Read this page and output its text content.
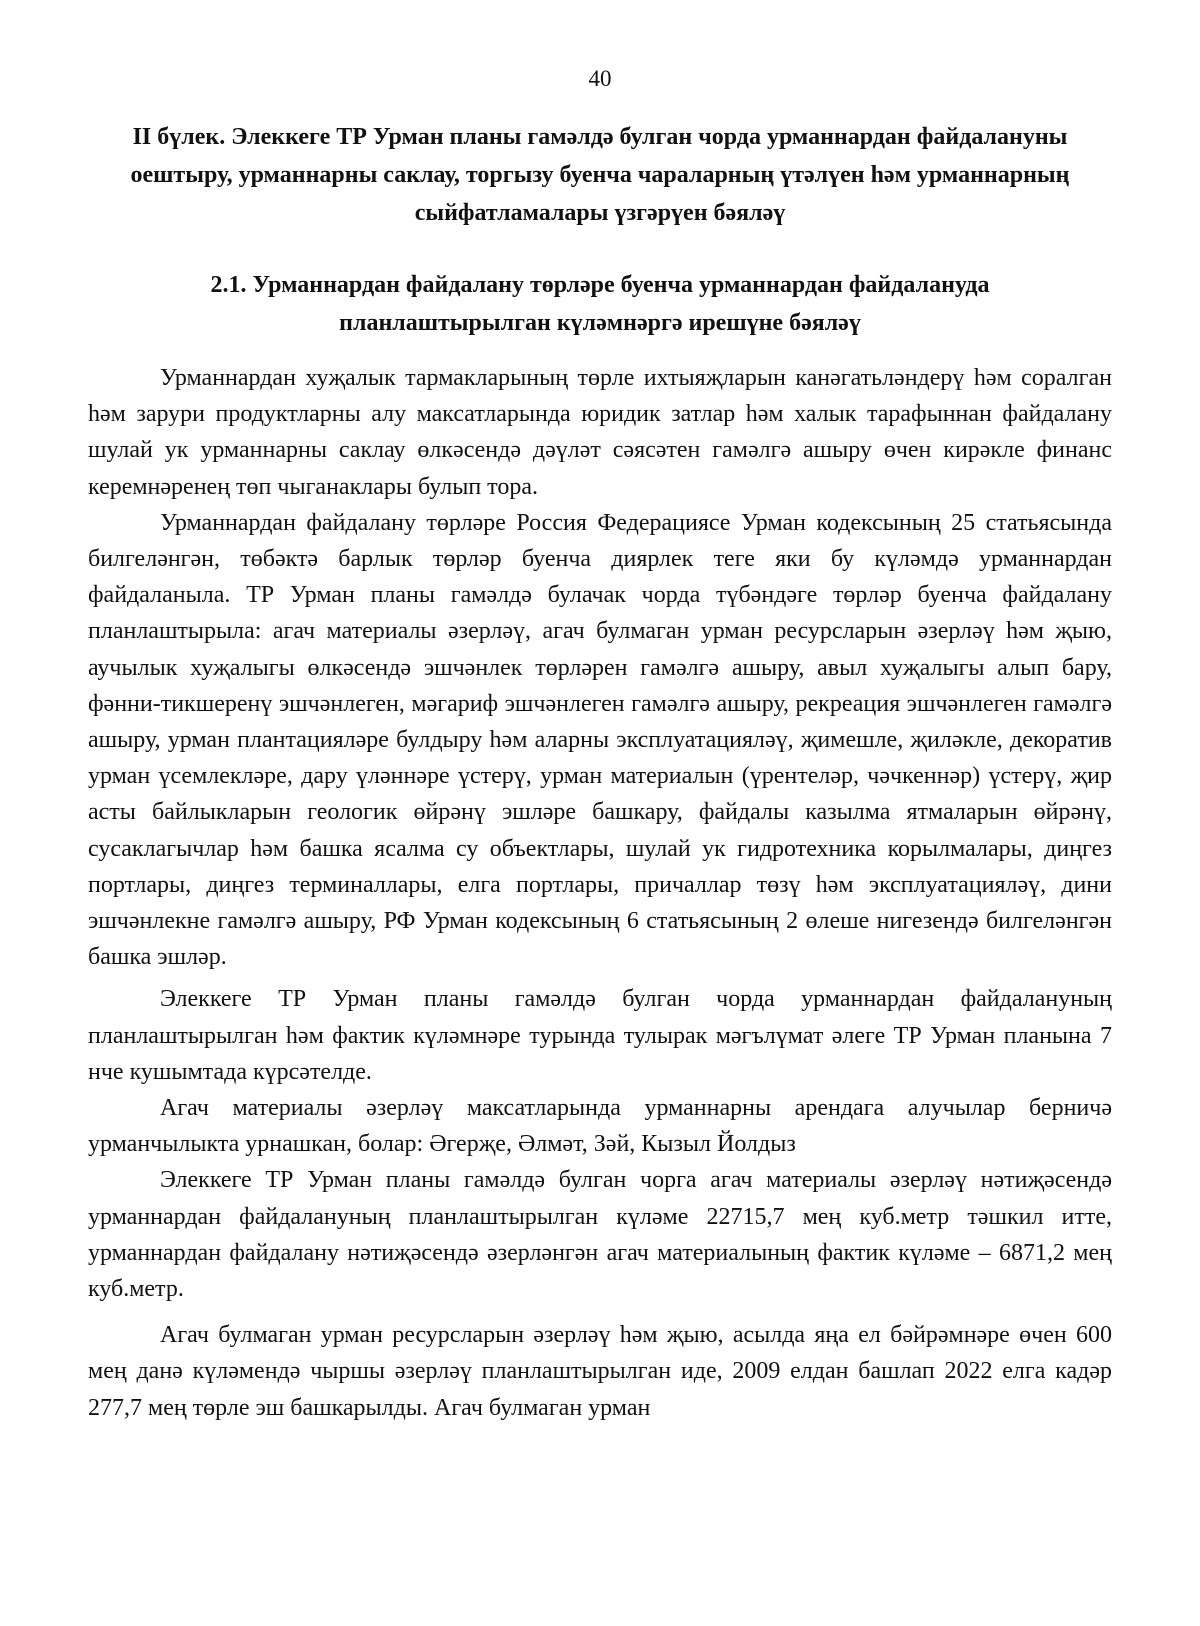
40
II бүлек. Элеккеге ТР Урман планы гамәлдә булган чорда урманнардан файдалануны оештыру, урманнарны саклау, торгызу буенча чараларның үтәлүен һәм урманнарның сыйфатламалары үзгәрүен бәяләү
2.1. Урманнардан файдалану төрләре буенча урманнардан файдалануда планлаштырылган күләмнәргә ирешүне бәяләү

Урманнардан хуҗалык тармакларының төрле ихтыяҗларын канәгатьләндерү һәм соралган һәм зарури продуктларны алу максатларында юридик затлар һәм халык тарафыннан файдалану шулай ук урманнарны саклау өлкәсендә дәүләт сәясәтен гамәлгә ашыру өчен кирәкле финанс керемнәренең төп чыганаклары булып тора.

Урманнардан файдалану төрләре Россия Федерациясе Урман кодексының 25 статьясында билгеләнгән, төбәктә барлык төрләр буенча диярлек теге яки бу күләмдә урманнардан файдаланыла. ТР Урман планы гамәлдә булачак чорда түбәндәге төрләр буенча файдалану планлаштырыла: агач материалы әзерләү, агач булмаган урман ресурсларын әзерләү һәм җыю, аучылык хуҗалыгы өлкәсендә эшчәнлек төрләрен гамәлгә ашыру, авыл хуҗалыгы алып бару, фәнни-тикшеренү эшчәнлеген, мәгариф эшчәнлеген гамәлгә ашыру, рекреация эшчәнлеген гамәлгә ашыру, урман плантацияләре булдыру һәм аларны эксплуатацияләү, җимешле, җиләкле, декоратив урман үсемлекләре, дару үләннәре үстерү, урман материалын (үрентеләр, чәчкеннәр) үстерү, җир асты байлыкларын геологик өйрәнү эшләре башкару, файдалы казылма ятмаларын өйрәнү, сусаклагычлар һәм башка ясалма су объектлары, шулай ук гидротехника корылмалары, диңгез портлары, диңгез терминаллары, елга портлары, причаллар төзү һәм эксплуатацияләү, дини эшчәнлекне гамәлгә ашыру, РФ Урман кодексының 6 статьясының 2 өлеше нигезендә билгеләнгән башка эшләр.

Элеккеге ТР Урман планы гамәлдә булган чорда урманнардан файдалануның планлаштырылган һәм фактик күләмнәре турында тулырак мәгълүмат әлеге ТР Урман планына 7 нче кушымтада күрсәтелде.

Агач материалы әзерләү максатларында урманнарны арендага алучылар берничә урманчылыкта урнашкан, болар: Әгерҗе, Әлмәт, Зәй, Кызыл Йолдыз

Элеккеге ТР Урман планы гамәлдә булган чорга агач материалы әзерләү нәтиҗәсендә урманнардан файдалануның планлаштырылган күләме 22715,7 мең куб.метр тәшкил итте, урманнардан файдалану нәтиҗәсендә әзерләнгән агач материалының фактик күләме – 6871,2 мең куб.метр.

Агач булмаган урман ресурсларын әзерләү һәм җыю, асылда яңа ел бәйрәмнәре өчен 600 мең данә күләмендә чыршы әзерләү планлаштырылган иде, 2009 елдан башлап 2022 елга кадәр 277,7 мең төрле эш башкарылды. Агач булмаган урман
